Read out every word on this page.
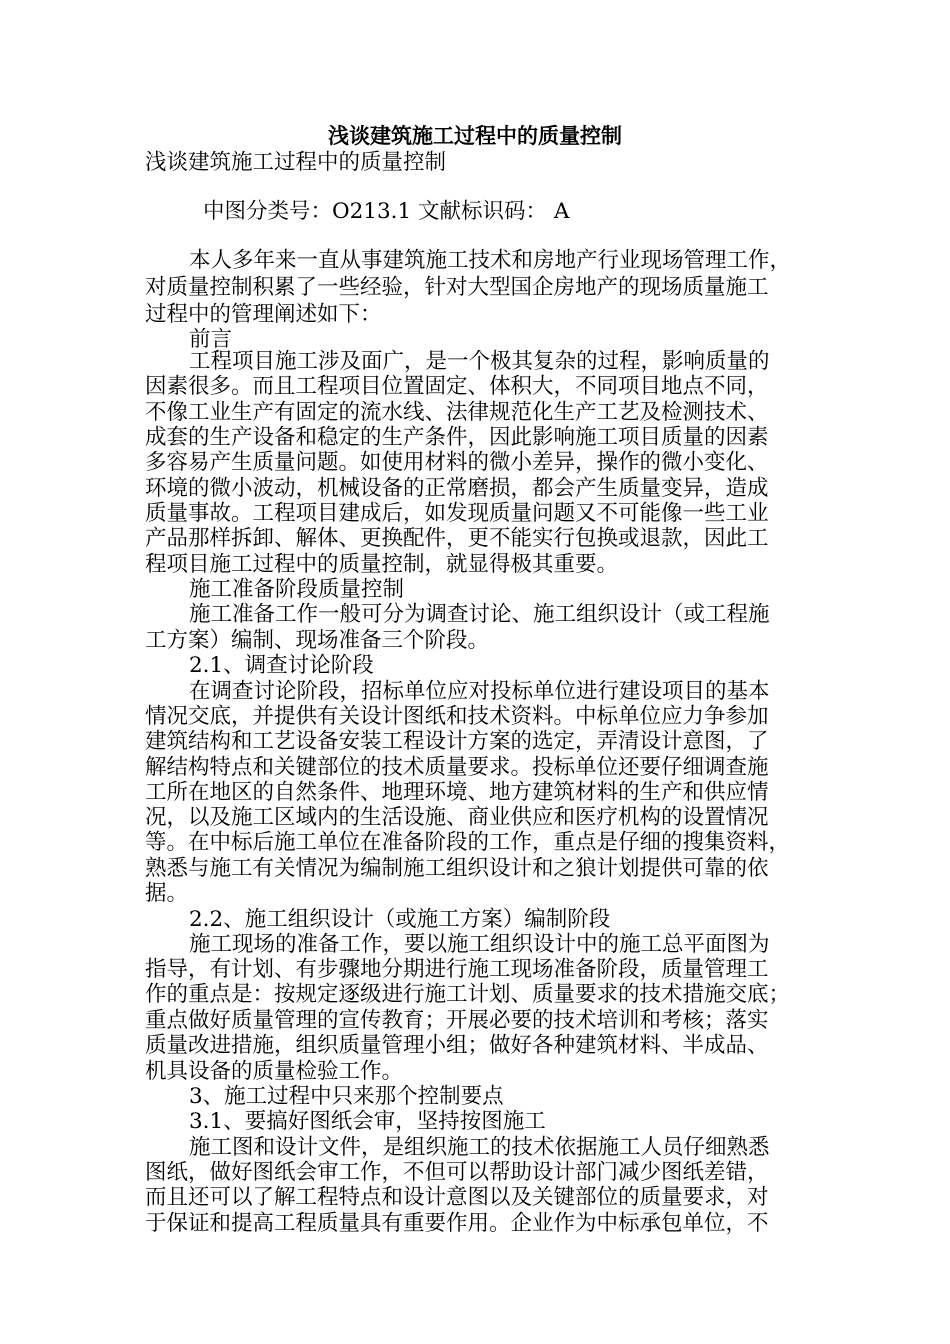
浅谈建筑施工过程中的质量控制
本人多年来一直从事建筑施工技术和房地产行业现场管理工作，
对质量控制积累了一些经验，针对大型国企房地产的现场质量施工
过程中的管理阐述如下：
前言
工程项目施工涉及面广，是一个极其复杂的过程，影响质量的
因素很多。而且工程项目位置固定、体积大，不同项目地点不同，
不像工业生产有固定的流水线、法律规范化生产工艺及检测技术、
成套的生产设备和稳定的生产条件，因此影响施工项目质量的因素
多容易产生质量问题。如使用材料的微小差异，操作的微小变化、
环境的微小波动，机械设备的正常磨损，都会产生质量变异，造成
质量事故。工程项目建成后，如发现质量问题又不可能像一些工业
产品那样拆卸、解体、更换配件，更不能实行包换或退款，因此工
程项目施工过程中的质量控制，就显得极其重要。
施工准备阶段质量控制
施工准备工作一般可分为调查讨论、施工组织设计（或工程施
工方案）编制、现场准备三个阶段。
2.1、调查讨论阶段
在调查讨论阶段，招标单位应对投标单位进行建设项目的基本
情况交底，并提供有关设计图纸和技术资料。中标单位应力争参加
建筑结构和工艺设备安装工程设计方案的选定，弄清设计意图，了
解结构特点和关键部位的技术质量要求。投标单位还要仔细调查施
工所在地区的自然条件、地理环境、地方建筑材料的生产和供应情
况，以及施工区域内的生活设施、商业供应和医疗机构的设置情况
等。在中标后施工单位在准备阶段的工作，重点是仔细的搜集资料，
熟悉与施工有关情况为编制施工组织设计和之狼计划提供可靠的依
据。
2.2、施工组织设计（或施工方案）编制阶段
施工现场的准备工作，要以施工组织设计中的施工总平面图为
指导，有计划、有步骤地分期进行施工现场准备阶段，质量管理工
作的重点是：按规定逐级进行施工计划、质量要求的技术措施交底；
重点做好质量管理的宣传教育；开展必要的技术培训和考核；落实
质量改进措施，组织质量管理小组；做好各种建筑材料、半成品、
机具设备的质量检验工作。
3、施工过程中只来那个控制要点
3.1、要搞好图纸会审，坚持按图施工
施工图和设计文件，是组织施工的技术依据施工人员仔细熟悉
图纸，做好图纸会审工作，不但可以帮助设计部门减少图纸差错，
而且还可以了解工程特点和设计意图以及关键部位的质量要求，对
于保证和提高工程质量具有重要作用。企业作为中标承包单位，不
浅谈建筑施工过程中的质量控制
中图分类号：O213.1 文献标识码： A
